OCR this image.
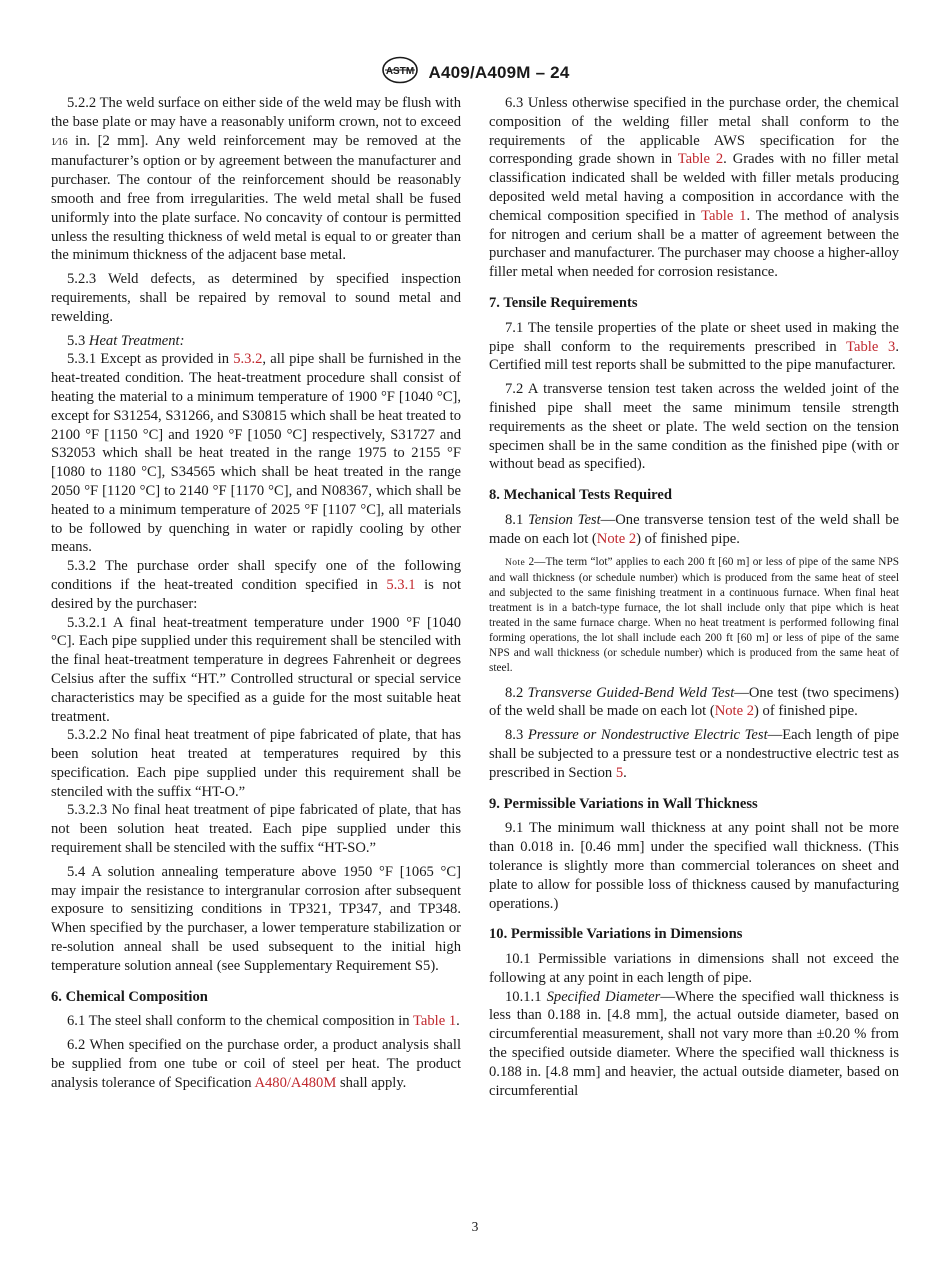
ASTM A409/A409M – 24

5.2.2 The weld surface on either side of the weld may be flush with the base plate or may have a reasonably uniform crown, not to exceed 1⁄16 in. [2 mm]. Any weld reinforcement may be removed at the manufacturer’s option or by agreement between the manufacturer and purchaser. The contour of the reinforcement should be reasonably smooth and free from irregularities. The weld metal shall be fused uniformly into the plate surface. No concavity of contour is permitted unless the resulting thickness of weld metal is equal to or greater than the minimum thickness of the adjacent base metal.

5.2.3 Weld defects, as determined by specified inspection requirements, shall be repaired by removal to sound metal and rewelding.

5.3 Heat Treatment:

5.3.1 Except as provided in 5.3.2, all pipe shall be furnished in the heat-treated condition. The heat-treatment procedure shall consist of heating the material to a minimum temperature of 1900 °F [1040 °C], except for S31254, S31266, and S30815 which shall be heat treated to 2100 °F [1150 °C] and 1920 °F [1050 °C] respectively, S31727 and S32053 which shall be heat treated in the range 1975 to 2155 °F [1080 to 1180 °C], S34565 which shall be heat treated in the range 2050 °F [1120 °C] to 2140 °F [1170 °C], and N08367, which shall be heated to a minimum temperature of 2025 °F [1107 °C], all materials to be followed by quenching in water or rapidly cooling by other means.

5.3.2 The purchase order shall specify one of the following conditions if the heat-treated condition specified in 5.3.1 is not desired by the purchaser:

5.3.2.1 A final heat-treatment temperature under 1900 °F [1040 °C]. Each pipe supplied under this requirement shall be stenciled with the final heat-treatment temperature in degrees Fahrenheit or degrees Celsius after the suffix “HT.” Controlled structural or special service characteristics may be specified as a guide for the most suitable heat treatment.

5.3.2.2 No final heat treatment of pipe fabricated of plate, that has been solution heat treated at temperatures required by this specification. Each pipe supplied under this requirement shall be stenciled with the suffix “HT-O.”

5.3.2.3 No final heat treatment of pipe fabricated of plate, that has not been solution heat treated. Each pipe supplied under this requirement shall be stenciled with the suffix “HT-SO.”

5.4 A solution annealing temperature above 1950 °F [1065 °C] may impair the resistance to intergranular corrosion after subsequent exposure to sensitizing conditions in TP321, TP347, and TP348. When specified by the purchaser, a lower temperature stabilization or re-solution anneal shall be used subsequent to the initial high temperature solution anneal (see Supplementary Requirement S5).

6. Chemical Composition

6.1 The steel shall conform to the chemical composition in Table 1.

6.2 When specified on the purchase order, a product analysis shall be supplied from one tube or coil of steel per heat. The product analysis tolerance of Specification A480/A480M shall apply.

6.3 Unless otherwise specified in the purchase order, the chemical composition of the welding filler metal shall conform to the requirements of the applicable AWS specification for the corresponding grade shown in Table 2. Grades with no filler metal classification indicated shall be welded with filler metals producing deposited weld metal having a composition in accordance with the chemical composition specified in Table 1. The method of analysis for nitrogen and cerium shall be a matter of agreement between the purchaser and manufacturer. The purchaser may choose a higher-alloy filler metal when needed for corrosion resistance.

7. Tensile Requirements

7.1 The tensile properties of the plate or sheet used in making the pipe shall conform to the requirements prescribed in Table 3. Certified mill test reports shall be submitted to the pipe manufacturer.

7.2 A transverse tension test taken across the welded joint of the finished pipe shall meet the same minimum tensile strength requirements as the sheet or plate. The weld section on the tension specimen shall be in the same condition as the finished pipe (with or without bead as specified).

8. Mechanical Tests Required

8.1 Tension Test—One transverse tension test of the weld shall be made on each lot (Note 2) of finished pipe.

Note 2—The term “lot” applies to each 200 ft [60 m] or less of pipe of the same NPS and wall thickness (or schedule number) which is produced from the same heat of steel and subjected to the same finishing treatment in a continuous furnace. When final heat treatment is in a batch-type furnace, the lot shall include only that pipe which is heat treated in the same furnace charge. When no heat treatment is performed following final forming operations, the lot shall include each 200 ft [60 m] or less of pipe of the same NPS and wall thickness (or schedule number) which is produced from the same heat of steel.

8.2 Transverse Guided-Bend Weld Test—One test (two specimens) of the weld shall be made on each lot (Note 2) of finished pipe.

8.3 Pressure or Nondestructive Electric Test—Each length of pipe shall be subjected to a pressure test or a nondestructive electric test as prescribed in Section 5.

9. Permissible Variations in Wall Thickness

9.1 The minimum wall thickness at any point shall not be more than 0.018 in. [0.46 mm] under the specified wall thickness. (This tolerance is slightly more than commercial tolerances on sheet and plate to allow for possible loss of thickness caused by manufacturing operations.)

10. Permissible Variations in Dimensions

10.1 Permissible variations in dimensions shall not exceed the following at any point in each length of pipe.

10.1.1 Specified Diameter—Where the specified wall thickness is less than 0.188 in. [4.8 mm], the actual outside diameter, based on circumferential measurement, shall not vary more than ±0.20 % from the specified outside diameter. Where the specified wall thickness is 0.188 in. [4.8 mm] and heavier, the actual outside diameter, based on circumferential

3
